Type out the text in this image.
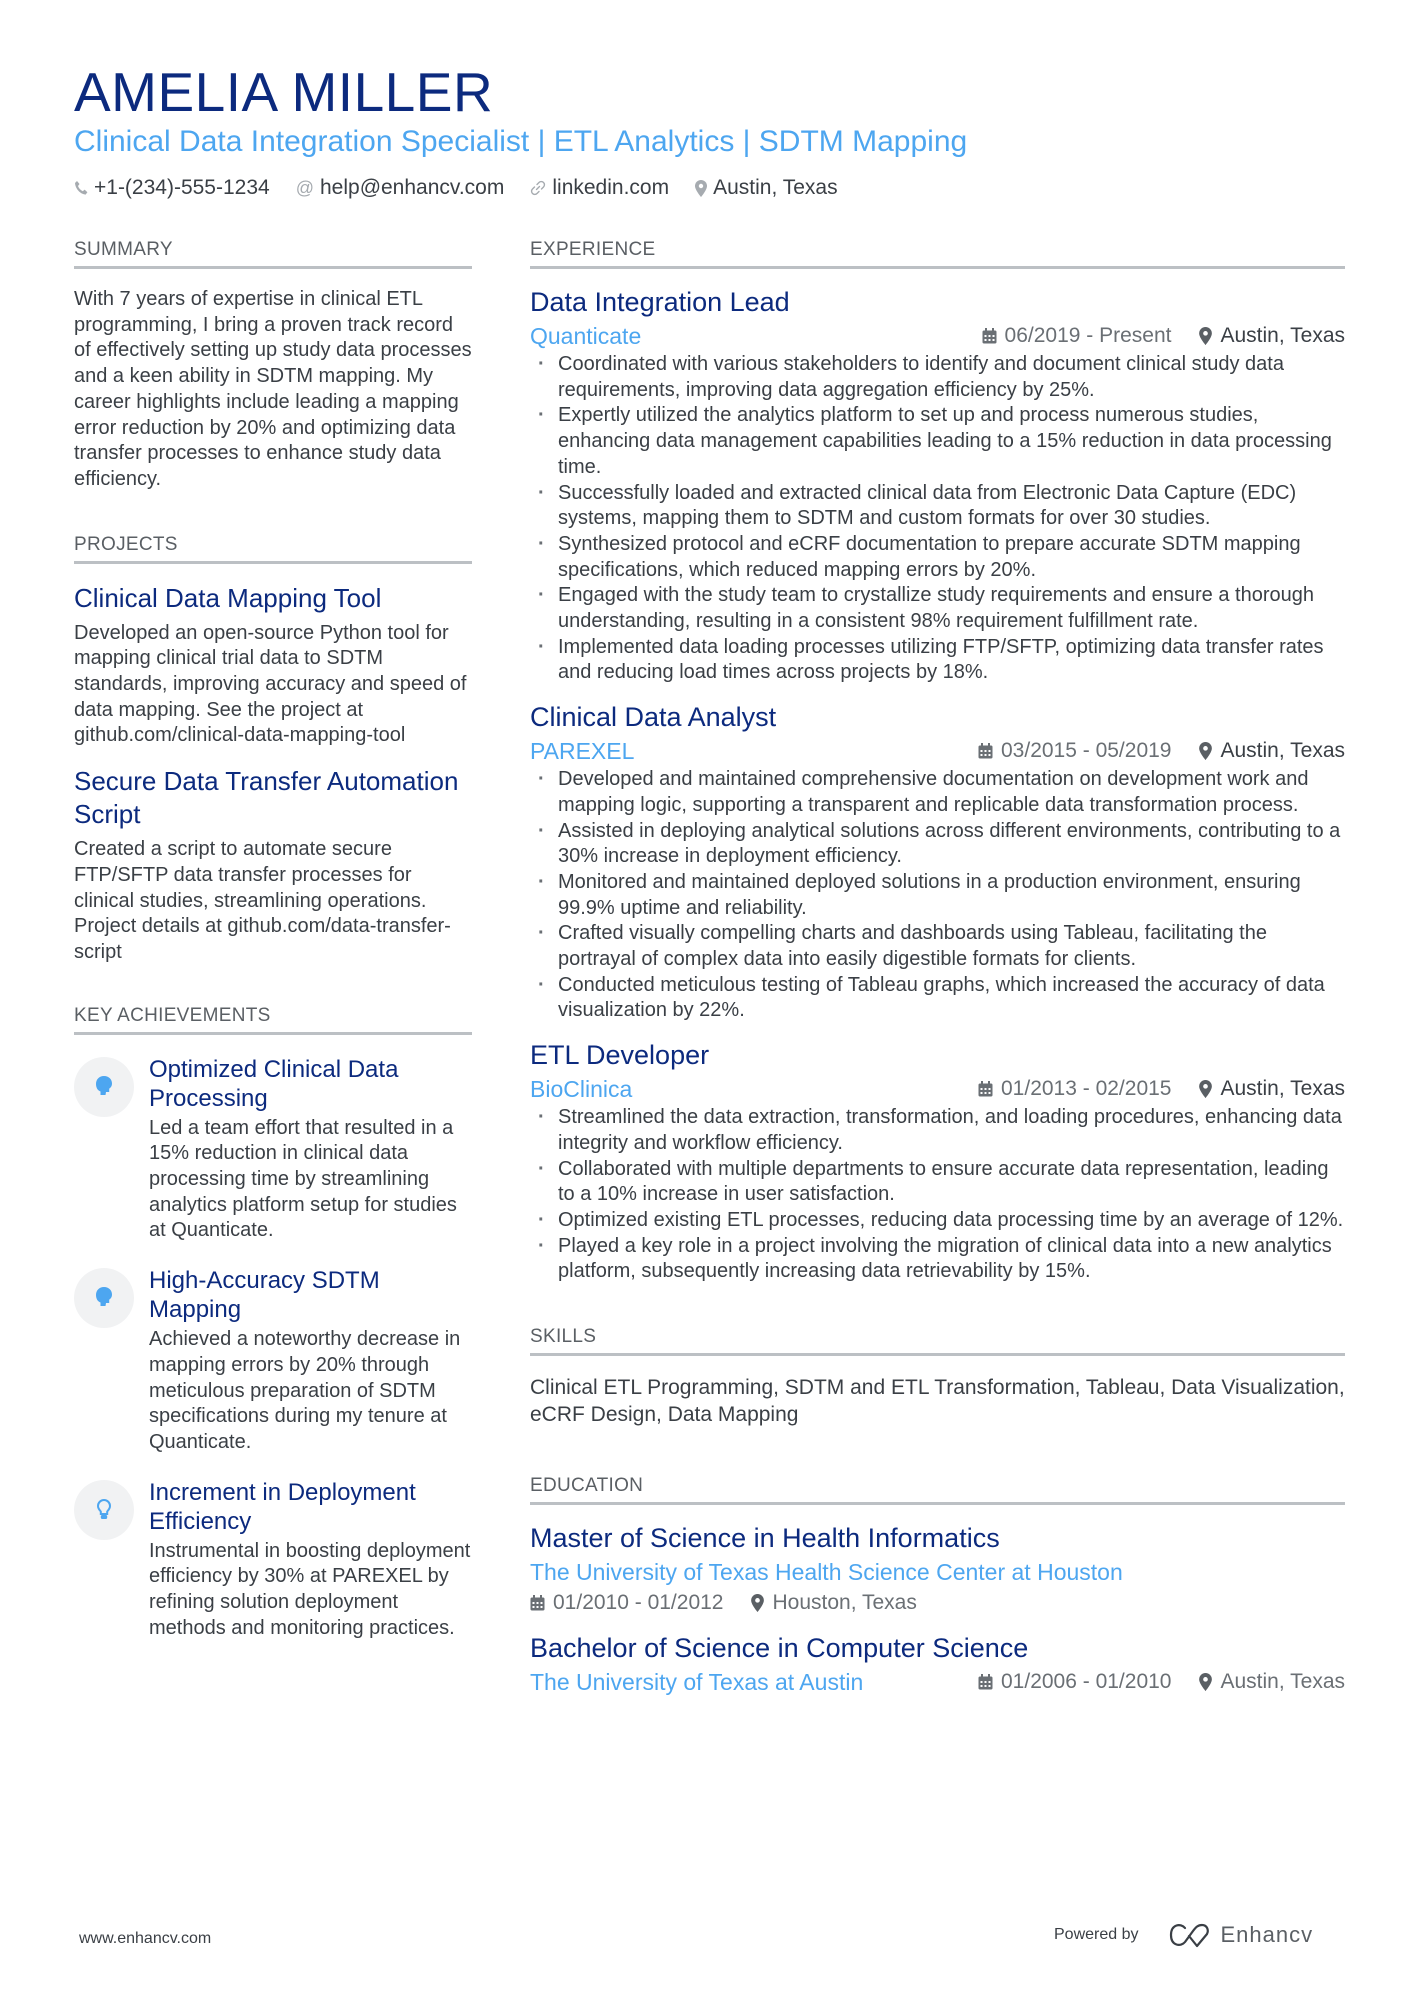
AMELIA MILLER
Clinical Data Integration Specialist | ETL Analytics | SDTM Mapping
+1-(234)-555-1234 @ help@enhancv.com linkedin.com Austin, Texas
SUMMARY
With 7 years of expertise in clinical ETL programming, I bring a proven track record of effectively setting up study data processes and a keen ability in SDTM mapping. My career highlights include leading a mapping error reduction by 20% and optimizing data transfer processes to enhance study data efficiency.
PROJECTS
Clinical Data Mapping Tool
Developed an open-source Python tool for mapping clinical trial data to SDTM standards, improving accuracy and speed of data mapping. See the project at github.com/clinical-data-mapping-tool
Secure Data Transfer Automation Script
Created a script to automate secure FTP/SFTP data transfer processes for clinical studies, streamlining operations. Project details at github.com/data-transfer-script
KEY ACHIEVEMENTS
Optimized Clinical Data Processing
Led a team effort that resulted in a 15% reduction in clinical data processing time by streamlining analytics platform setup for studies at Quanticate.
High-Accuracy SDTM Mapping
Achieved a noteworthy decrease in mapping errors by 20% through meticulous preparation of SDTM specifications during my tenure at Quanticate.
Increment in Deployment Efficiency
Instrumental in boosting deployment efficiency by 30% at PAREXEL by refining solution deployment methods and monitoring practices.
EXPERIENCE
Data Integration Lead
Quanticate	06/2019 - Present Austin, Texas
· Coordinated with various stakeholders to identify and document clinical study data requirements, improving data aggregation efficiency by 25%.
· Expertly utilized the analytics platform to set up and process numerous studies, enhancing data management capabilities leading to a 15% reduction in data processing time.
· Successfully loaded and extracted clinical data from Electronic Data Capture (EDC) systems, mapping them to SDTM and custom formats for over 30 studies.
· Synthesized protocol and eCRF documentation to prepare accurate SDTM mapping specifications, which reduced mapping errors by 20%.
· Engaged with the study team to crystallize study requirements and ensure a thorough understanding, resulting in a consistent 98% requirement fulfillment rate.
· Implemented data loading processes utilizing FTP/SFTP, optimizing data transfer rates and reducing load times across projects by 18%.
Clinical Data Analyst
PAREXEL	03/2015 - 05/2019 Austin, Texas
· Developed and maintained comprehensive documentation on development work and mapping logic, supporting a transparent and replicable data transformation process.
· Assisted in deploying analytical solutions across different environments, contributing to a 30% increase in deployment efficiency.
· Monitored and maintained deployed solutions in a production environment, ensuring 99.9% uptime and reliability.
· Crafted visually compelling charts and dashboards using Tableau, facilitating the portrayal of complex data into easily digestible formats for clients.
· Conducted meticulous testing of Tableau graphs, which increased the accuracy of data visualization by 22%.
ETL Developer
BioClinica	01/2013 - 02/2015 Austin, Texas
· Streamlined the data extraction, transformation, and loading procedures, enhancing data integrity and workflow efficiency.
· Collaborated with multiple departments to ensure accurate data representation, leading to a 10% increase in user satisfaction.
· Optimized existing ETL processes, reducing data processing time by an average of 12%.
· Played a key role in a project involving the migration of clinical data into a new analytics platform, subsequently increasing data retrievability by 15%.
SKILLS
Clinical ETL Programming, SDTM and ETL Transformation, Tableau, Data Visualization, eCRF Design, Data Mapping
EDUCATION
Master of Science in Health Informatics
The University of Texas Health Science Center at Houston
01/2010 - 01/2012 Houston, Texas
Bachelor of Science in Computer Science
The University of Texas at Austin	01/2006 - 01/2010 Austin, Texas
www.enhancv.com	Powered by	Enhancv
